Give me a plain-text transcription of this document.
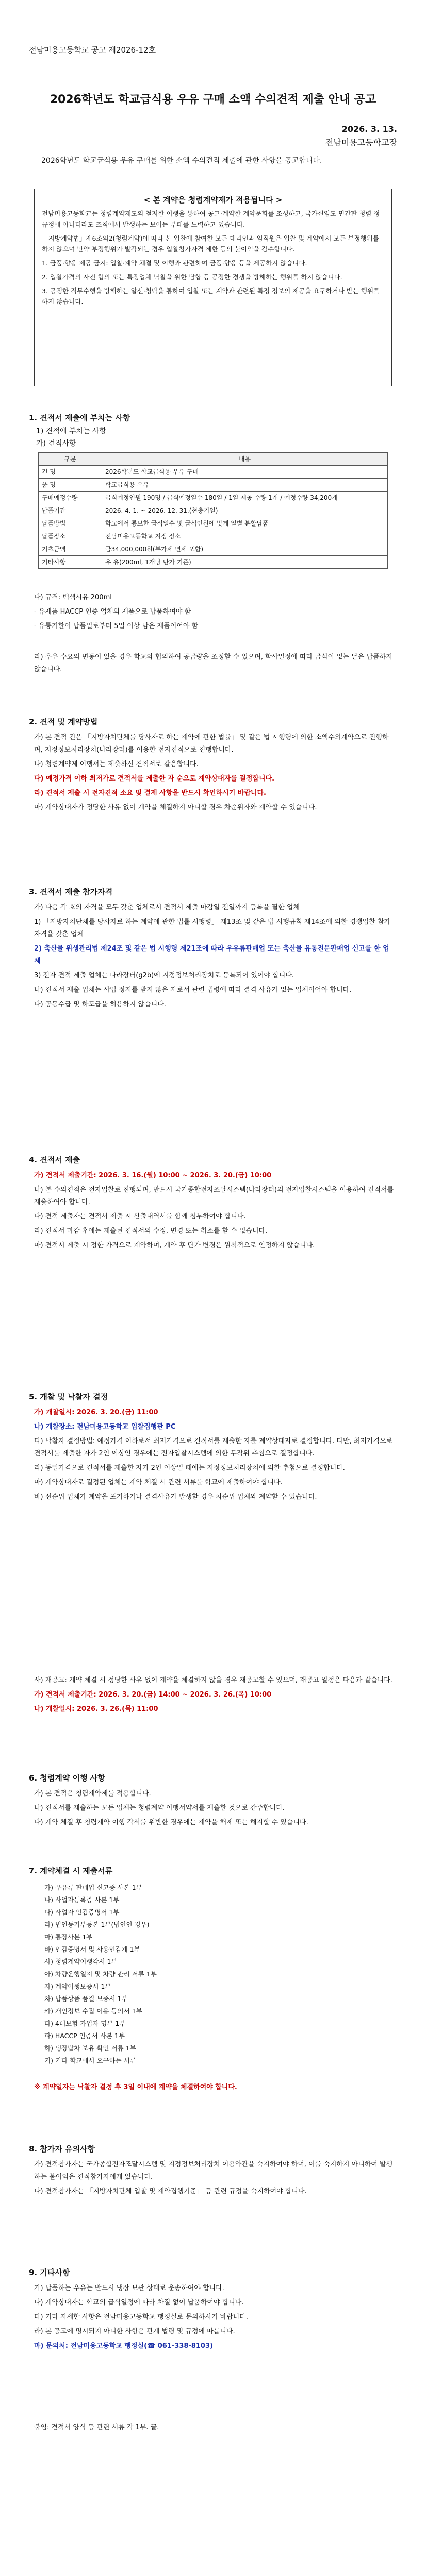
전남미용고등학교 공고 제2026-12호
2026학년도 학교급식용 우유 구매 소액 수의견적 제출 안내 공고
2026. 3. 13.
전남미용고등학교장
2026학년도 학교급식용 우유 구매를 위한 소액 수의견적 제출에 관한 사항을 공고합니다.
< 본 계약은 청렴계약제가 적용됩니다 >

전남미용고등학교는 청렴계약제도의 철저한 이행을 통하여 공고·계약한 계약문화를 조성하고, 국가신임도 민간판 청렴 정 규정에 아니더라도 조직에서 발생하는 보이는 부패를 노력하고 있습니다.

「지방계약법」제6조의2(청렴계약)에 따라 본 입찰에 참여한 모든 대리인과 임직원은 입찰 및 계약에서 모든 부정행위를 하지 않으며 만약 부정행위가 발각되는 경우 입찰참가자격 제한 등의 불이익을 감수합니다.

1. 금품·향응 제공 금지: 입찰·계약 체결 및 이행과 관련하여 금품·향응 등을 제공하지 않습니다.

2. 입찰가격의 사전 협의 또는 특정업체 낙찰을 위한 담합 등 공정한 경쟁을 방해하는 행위를 하지 않습니다.

3. 공정한 직무수행을 방해하는 알선·청탁을 통하여 입찰 또는 계약과 관련된 특정 정보의 제공을 요구하거나 받는 행위를 하지 않습니다.

1. 견적서 제출에 부치는 사항
1) 견적에 부치는 사항
가) 견적사항
구분	내용
건 명	2026학년도 학교급식용 우유 구매
품 명	학교급식용 우유
구매예정수량	급식예정인원 190명 / 급식예정일수 180일 / 1일 제공 수량 1개 / 예정수량 34,200개
납품기간	2026. 4. 1. ~ 2026. 12. 31.(현충기일)
납품방법	학교에서 통보한 급식일수 및 급식인원에 맞게 일별 분할납품
납품장소	전남미용고등학교 지정 장소
기초금액	금34,000,000원(부가세 면세 포함)
기타사항	우 유(200ml, 1개당 단가 기준)

다) 규격: 백색시유 200ml

- 유제품 HACCP 인증 업체의 제품으로 납품하여야 함

- 유통기한이 납품일로부터 5일 이상 남은 제품이어야 함

라) 우유 수요의 변동이 있을 경우 학교와 협의하여 공급량을 조정할 수 있으며, 학사일정에 따라 급식이 없는 날은 납품하지 않습니다.

2. 견적 및 계약방법

가) 본 견적 건은 「지방자치단체를 당사자로 하는 계약에 관한 법률」 및 같은 법 시행령에 의한 소액수의계약으로 진행하며, 지정정보처리장치(나라장터)를 이용한 전자견적으로 진행합니다.

나) 청렴계약제 이행서는 제출하신 견적서로 갈음합니다.

다) 예정가격 이하 최저가로 견적서를 제출한 자 순으로 계약상대자를 결정합니다.

라) 견적서 제출 시 전자견적 소요 및 결제 사항을 반드시 확인하시기 바랍니다.

마) 계약상대자가 정당한 사유 없이 계약을 체결하지 아니할 경우 차순위자와 계약할 수 있습니다.

3. 견적서 제출 참가자격

가) 다음 각 호의 자격을 모두 갖춘 업체로서 견적서 제출 마감일 전일까지 등록을 필한 업체

1) 「지방자치단체를 당사자로 하는 계약에 관한 법률 시행령」 제13조 및 같은 법 시행규칙 제14조에 의한 경쟁입찰 참가 자격을 갖춘 업체

2) 축산물 위생관리법 제24조 및 같은 법 시행령 제21조에 따라 우유류판매업 또는 축산물 유통전문판매업 신고를 한 업체

3) 전자 견적 제출 업체는 나라장터(g2b)에 지정정보처리장치로 등록되어 있어야 합니다.

나) 견적서 제출 업체는 사업 정지를 받지 않은 자로서 관련 법령에 따라 결격 사유가 없는 업체이어야 합니다.

다) 공동수급 및 하도급을 허용하지 않습니다.

4. 견적서 제출

가) 견적서 제출기간: 2026. 3. 16.(월) 10:00 ~ 2026. 3. 20.(금) 10:00

나) 본 수의견적은 전자입찰로 진행되며, 반드시 국가종합전자조달시스템(나라장터)의 전자입찰시스템을 이용하여 견적서를 제출하여야 합니다.

다) 견적 제출자는 견적서 제출 시 산출내역서를 함께 첨부하여야 합니다.

라) 견적서 마감 후에는 제출된 견적서의 수정, 변경 또는 취소를 할 수 없습니다.

마) 견적서 제출 시 정한 가격으로 계약하며, 계약 후 단가 변경은 원칙적으로 인정하지 않습니다.

5. 개찰 및 낙찰자 결정

가) 개찰일시: 2026. 3. 20.(금) 11:00

나) 개찰장소: 전남미용고등학교 입찰집행관 PC

다) 낙찰자 결정방법: 예정가격 이하로서 최저가격으로 견적서를 제출한 자를 계약상대자로 결정합니다. 다만, 최저가격으로 견적서를 제출한 자가 2인 이상인 경우에는 전자입찰시스템에 의한 무작위 추첨으로 결정합니다.

라) 동일가격으로 견적서를 제출한 자가 2인 이상일 때에는 지정정보처리장치에 의한 추첨으로 결정합니다.

마) 계약상대자로 결정된 업체는 계약 체결 시 관련 서류를 학교에 제출하여야 합니다.

바) 선순위 업체가 계약을 포기하거나 결격사유가 발생할 경우 차순위 업체와 계약할 수 있습니다.

사) 재공고: 계약 체결 시 정당한 사유 없이 계약을 체결하지 않을 경우 재공고할 수 있으며, 재공고 일정은 다음과 같습니다.

가) 견적서 제출기간: 2026. 3. 20.(금) 14:00 ~ 2026. 3. 26.(목) 10:00

나) 개찰일시: 2026. 3. 26.(목) 11:00

6. 청렴계약 이행 사항

가) 본 견적은 청렴계약제를 적용합니다.

나) 견적서를 제출하는 모든 업체는 청렴계약 이행서약서를 제출한 것으로 간주합니다.

다) 계약 체결 후 청렴계약 이행 각서를 위반한 경우에는 계약을 해제 또는 해지할 수 있습니다.

7. 계약체결 시 제출서류
가) 우유류 판매업 신고증 사본 1부
나) 사업자등록증 사본 1부
다) 사업자 인감증명서 1부
라) 법인등기부등본 1부(법인인 경우)
마) 통장사본 1부
바) 인감증명서 및 사용인감계 1부
사) 청렴계약이행각서 1부
아) 차량운행일지 및 차량 관리 서류 1부
자) 계약이행보증서 1부
차) 납품상품 품질 보증서 1부
카) 개인정보 수집 이용 동의서 1부
타) 4대보험 가입자 명부 1부
파) HACCP 인증서 사본 1부
하) 냉장탑차 보유 확인 서류 1부
거) 기타 학교에서 요구하는 서류

※ 계약일자는 낙찰자 결정 후 3일 이내에 계약을 체결하여야 합니다.

8. 참가자 유의사항

가) 견적참가자는 국가종합전자조달시스템 및 지정정보처리장치 이용약관을 숙지하여야 하며, 이를 숙지하지 아니하여 발생하는 불이익은 견적참가자에게 있습니다.

나) 견적참가자는 「지방자치단체 입찰 및 계약집행기준」 등 관련 규정을 숙지하여야 합니다.

9. 기타사항

가) 납품하는 우유는 반드시 냉장 보관 상태로 운송하여야 합니다.

나) 계약상대자는 학교의 급식일정에 따라 차질 없이 납품하여야 합니다.

다) 기타 자세한 사항은 전남미용고등학교 행정실로 문의하시기 바랍니다.

라) 본 공고에 명시되지 아니한 사항은 관계 법령 및 규정에 따릅니다.

마) 문의처: 전남미용고등학교 행정실(☎ 061-338-8103)

붙임: 견적서 양식 등 관련 서류 각 1부. 끝.
